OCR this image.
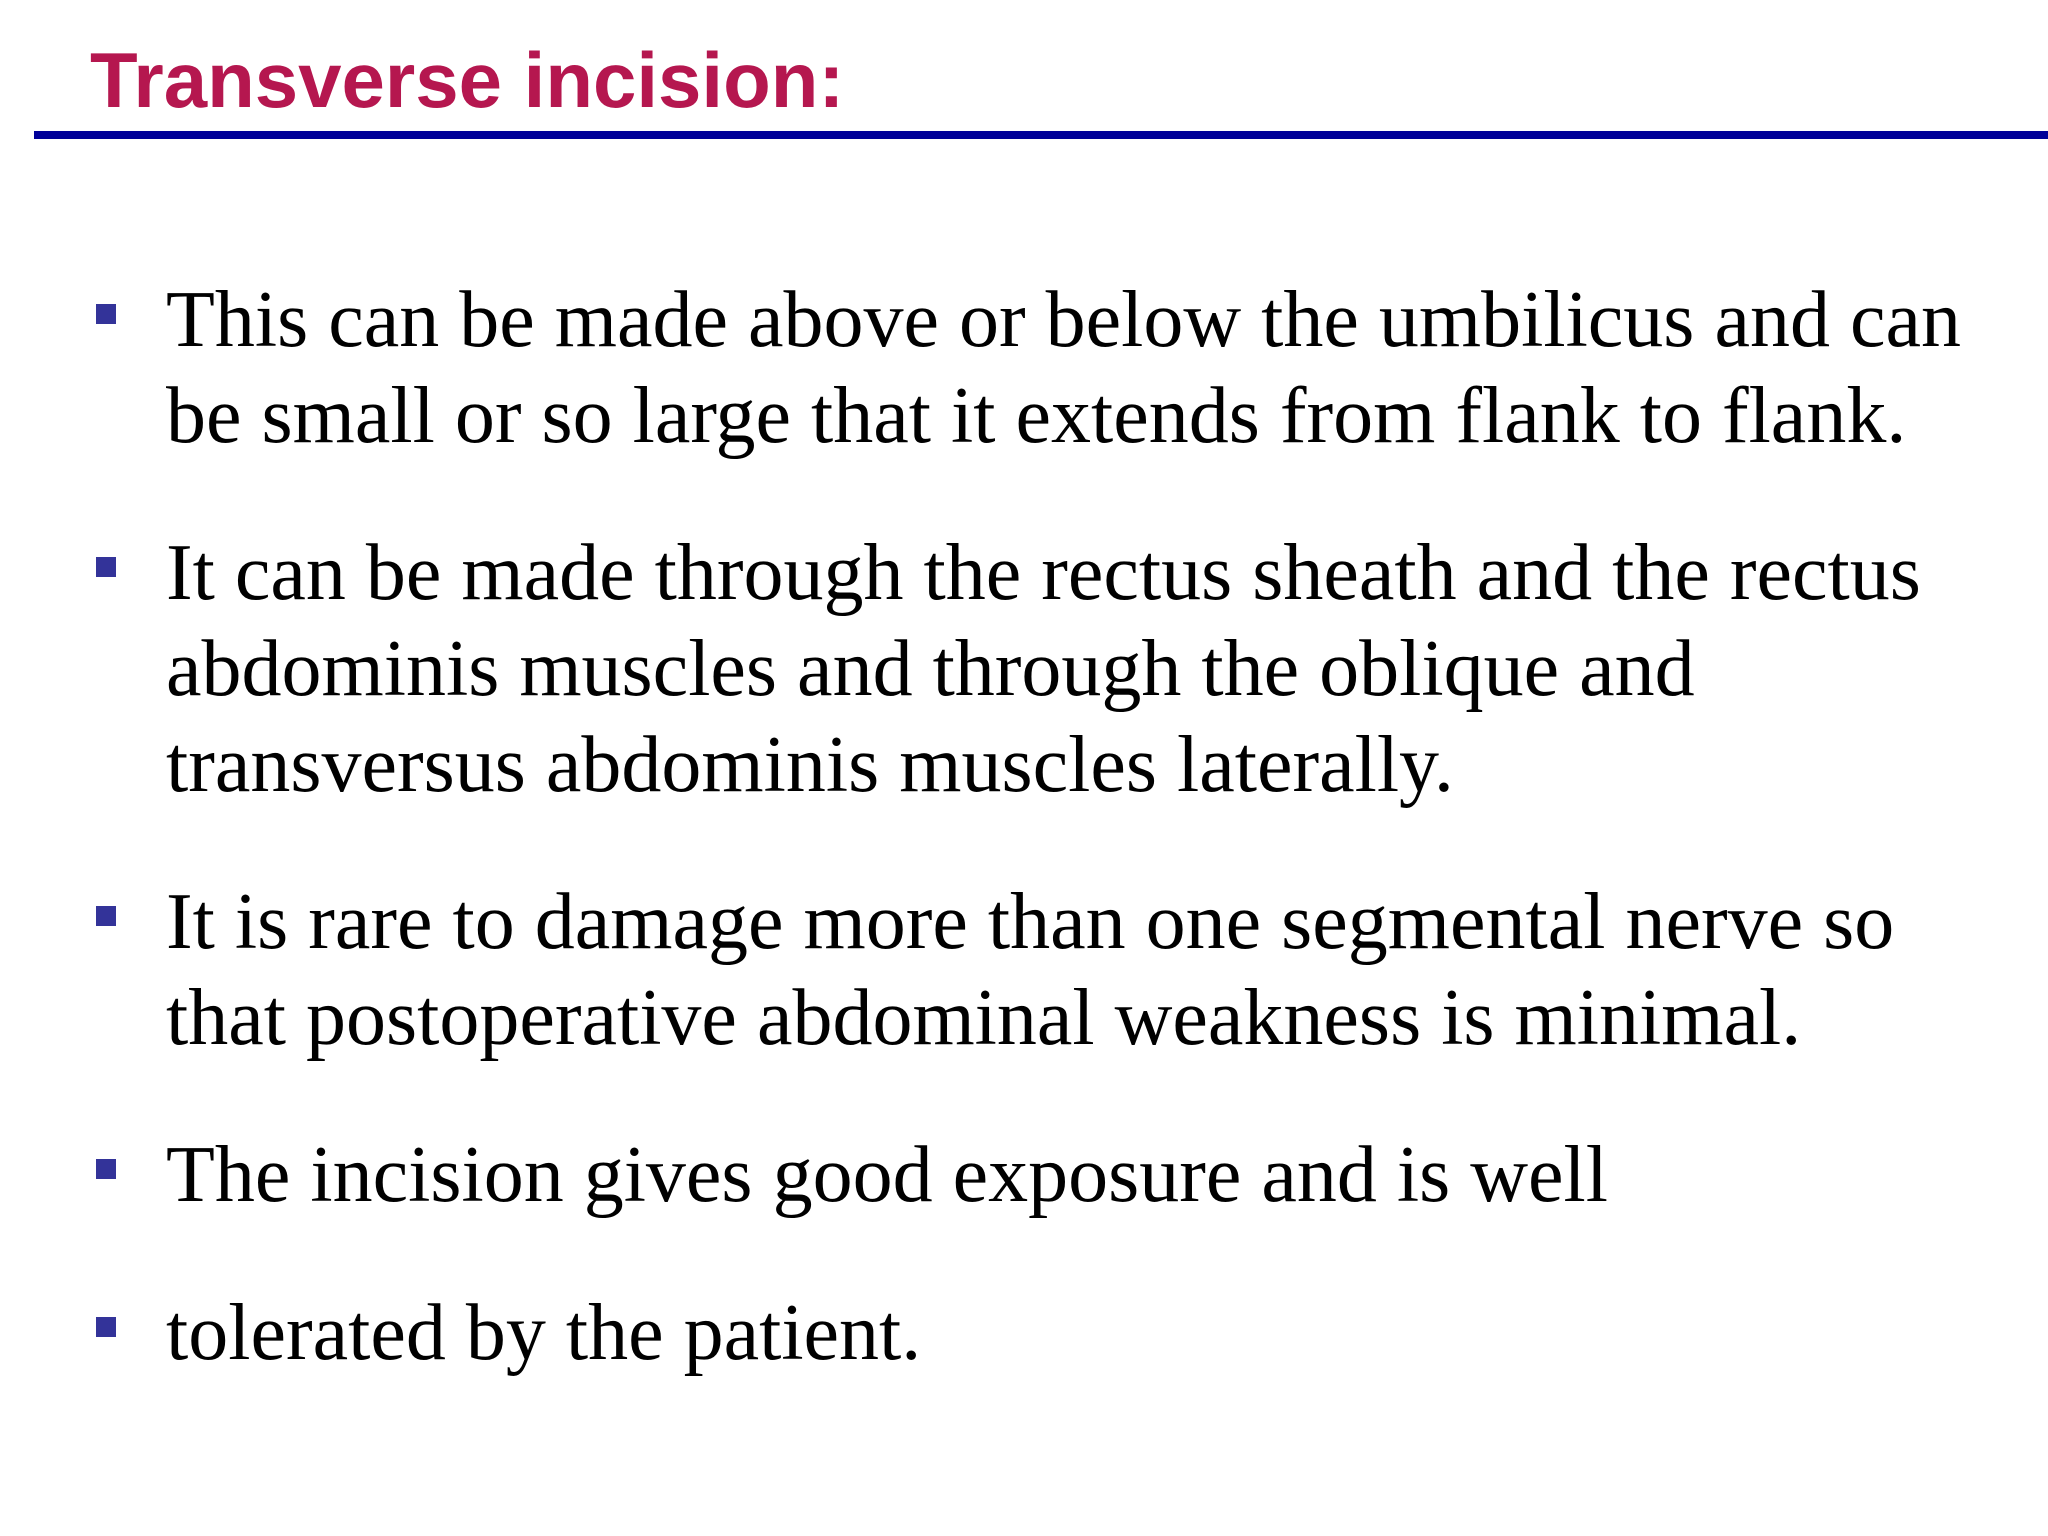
Transverse incision:

This can be made above or below the umbilicus and can be small or so large that it extends from flank to flank.

It can be made through the rectus sheath and the rectus abdominis muscles and through the oblique and transversus abdominis muscles laterally.

It is rare to damage more than one segmental nerve so that postoperative abdominal weakness is minimal.

The incision gives good exposure and is well

tolerated by the patient.
